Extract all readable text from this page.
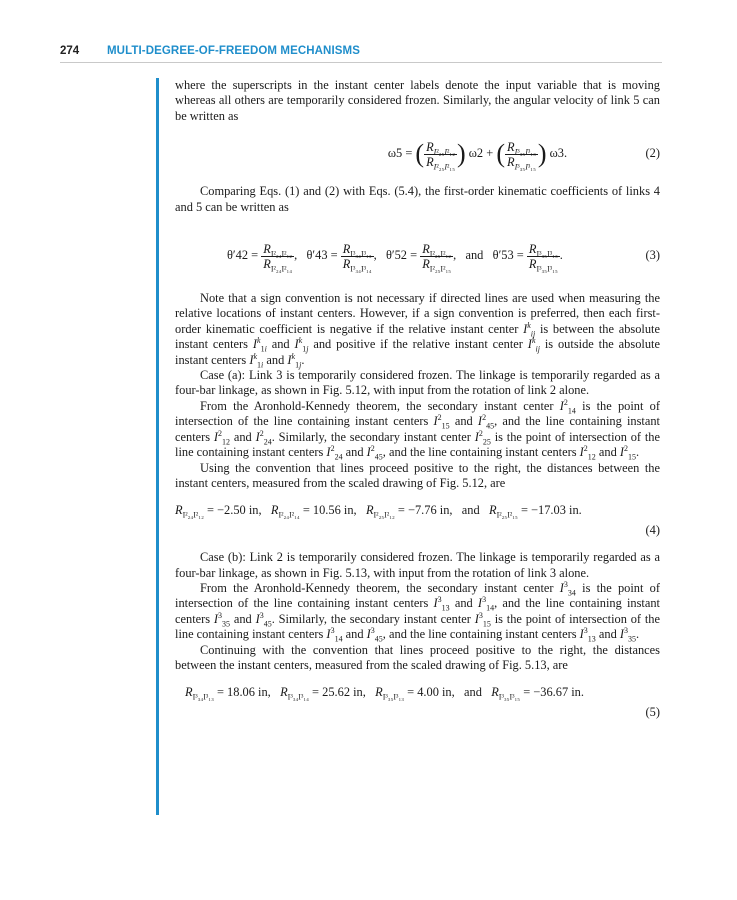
274 MULTI-DEGREE-OF-FREEDOM MECHANISMS

where the superscripts in the instant center labels denote the input variable that is moving whereas all others are temporarily considered frozen. Similarly, the angular velocity of link 5 can be written as

ω5 = ( $\frac{R_{I^2_{25}I^2_{12}}}{R_{I^2_{25}I^2_{15}}}$ ) ω2 + ( $\frac{R_{I^3_{35}I^3_{13}}}{R_{I^3_{35}I^3_{15}}}$ ) ω3.	(2)

Comparing Eqs. (1) and (2) with Eqs. (5.4), the first-order kinematic coefficients of links 4 and 5 can be written as

$\theta'42 = \frac{R_{I^2_{24}I^2_{12}}}{R_{I^2_{24}I^2_{14}}}$ ,   $\theta'43 = \frac{R_{I^3_{34}I^3_{13}}}{R_{I^3_{34}I^3_{14}}}$ ,   $\theta'52 = \frac{R_{I^2_{25}I^2_{12}}}{R_{I^2_{25}I^2_{15}}}$ ,   and $\theta'53 = \frac{R_{I^3_{35}I^3_{13}}}{R_{I^3_{35}I^3_{15}}}$ .	(3)

Note that a sign convention is not necessary if directed lines are used when measuring the relative locations of instant centers. However, if a sign convention is preferred, then each first-order kinematic coefficient is negative if the relative instant center $I^k_{ij}$ is between the absolute instant centers $I^k_{1i}$ and $I^k_{1j}$ and positive if the relative instant center $I^k_{ij}$ is outside the absolute instant centers $I^k_{1i}$ and $I^k_{1j}$.

Case (a): Link 3 is temporarily considered frozen. The linkage is temporarily regarded as a four-bar linkage, as shown in Fig. 5.12, with input from the rotation of link 2 alone.

From the Aronhold-Kennedy theorem, the secondary instant center $I^2_{14}$ is the point of intersection of the line containing instant centers $I^2_{15}$ and $I^2_{45}$, and the line containing instant centers $I^2_{12}$ and $I^2_{24}$. Similarly, the secondary instant center $I^2_{25}$ is the point of intersection of the line containing instant centers $I^2_{24}$ and $I^2_{45}$, and the line containing instant centers $I^2_{12}$ and $I^2_{15}$.

Using the convention that lines proceed positive to the right, the distances between the instant centers, measured from the scaled drawing of Fig. 5.12, are

$R_{I^2_{24}I^2_{12}} = -2.50$ in, $R_{I^2_{24}I^2_{14}} = 10.56$ in, $R_{I^2_{25}I^2_{12}} = -7.76$ in, and $R_{I^2_{25}I^2_{15}} = -17.03$ in.
(4)

Case (b): Link 2 is temporarily considered frozen. The linkage is temporarily regarded as a four-bar linkage, as shown in Fig. 5.13, with input from the rotation of link 3 alone.

From the Aronhold-Kennedy theorem, the secondary instant center $I^3_{34}$ is the point of intersection of the line containing instant centers $I^3_{13}$ and $I^3_{14}$, and the line containing instant centers $I^3_{35}$ and $I^3_{45}$. Similarly, the secondary instant center $I^3_{15}$ is the point of intersection of the line containing instant centers $I^3_{14}$ and $I^3_{45}$, and the line containing instant centers $I^3_{13}$ and $I^3_{35}$.

Continuing with the convention that lines proceed positive to the right, the distances between the instant centers, measured from the scaled drawing of Fig. 5.13, are

$R_{I^3_{34}I^3_{13}} = 18.06$ in, $R_{I^3_{34}I^3_{14}} = 25.62$ in, $R_{I^3_{35}I^3_{13}} = 4.00$ in, and $R_{I^3_{35}I^3_{15}} = -36.67$ in.
(5)
